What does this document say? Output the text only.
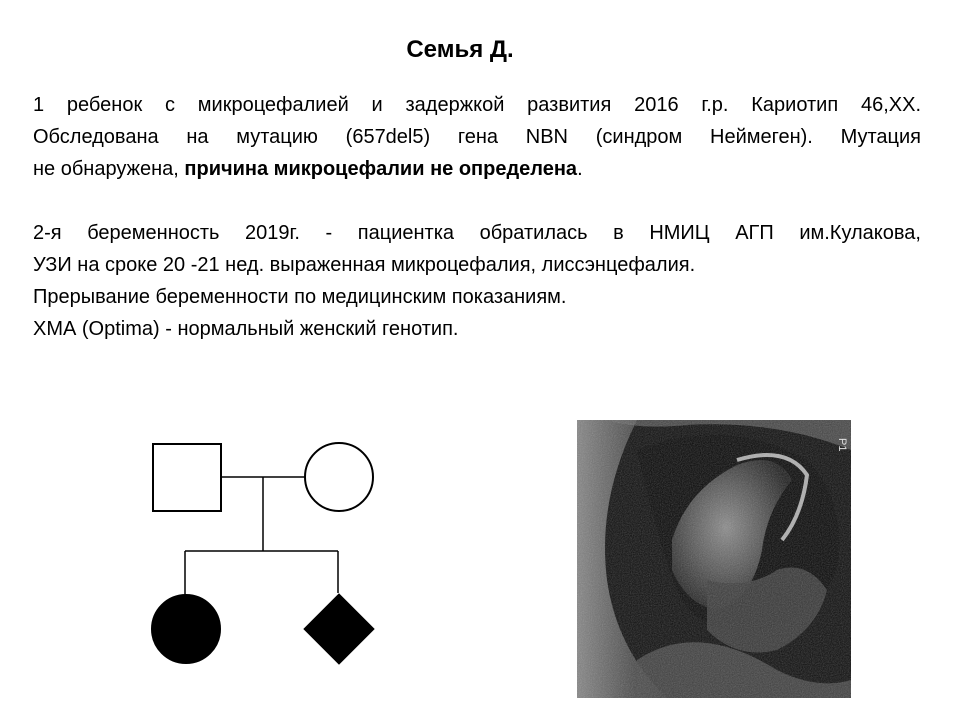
Семья Д.
1 ребенок с микроцефалией и задержкой развития 2016 г.р. Кариотип 46,XX.
Обследована на мутацию (657del5) гена NBN (синдром Неймеген). Мутация
не обнаружена, причина микроцефалии не определена.
2-я беременность 2019г. - пациентка обратилась в НМИЦ АГП им.Кулакова,
УЗИ на сроке 20 -21 нед. выраженная микроцефалия, лиссэнцефалия.
Прерывание беременности по медицинским показаниям.
ХМА (Optima) - нормальный женский генотип.
P1
